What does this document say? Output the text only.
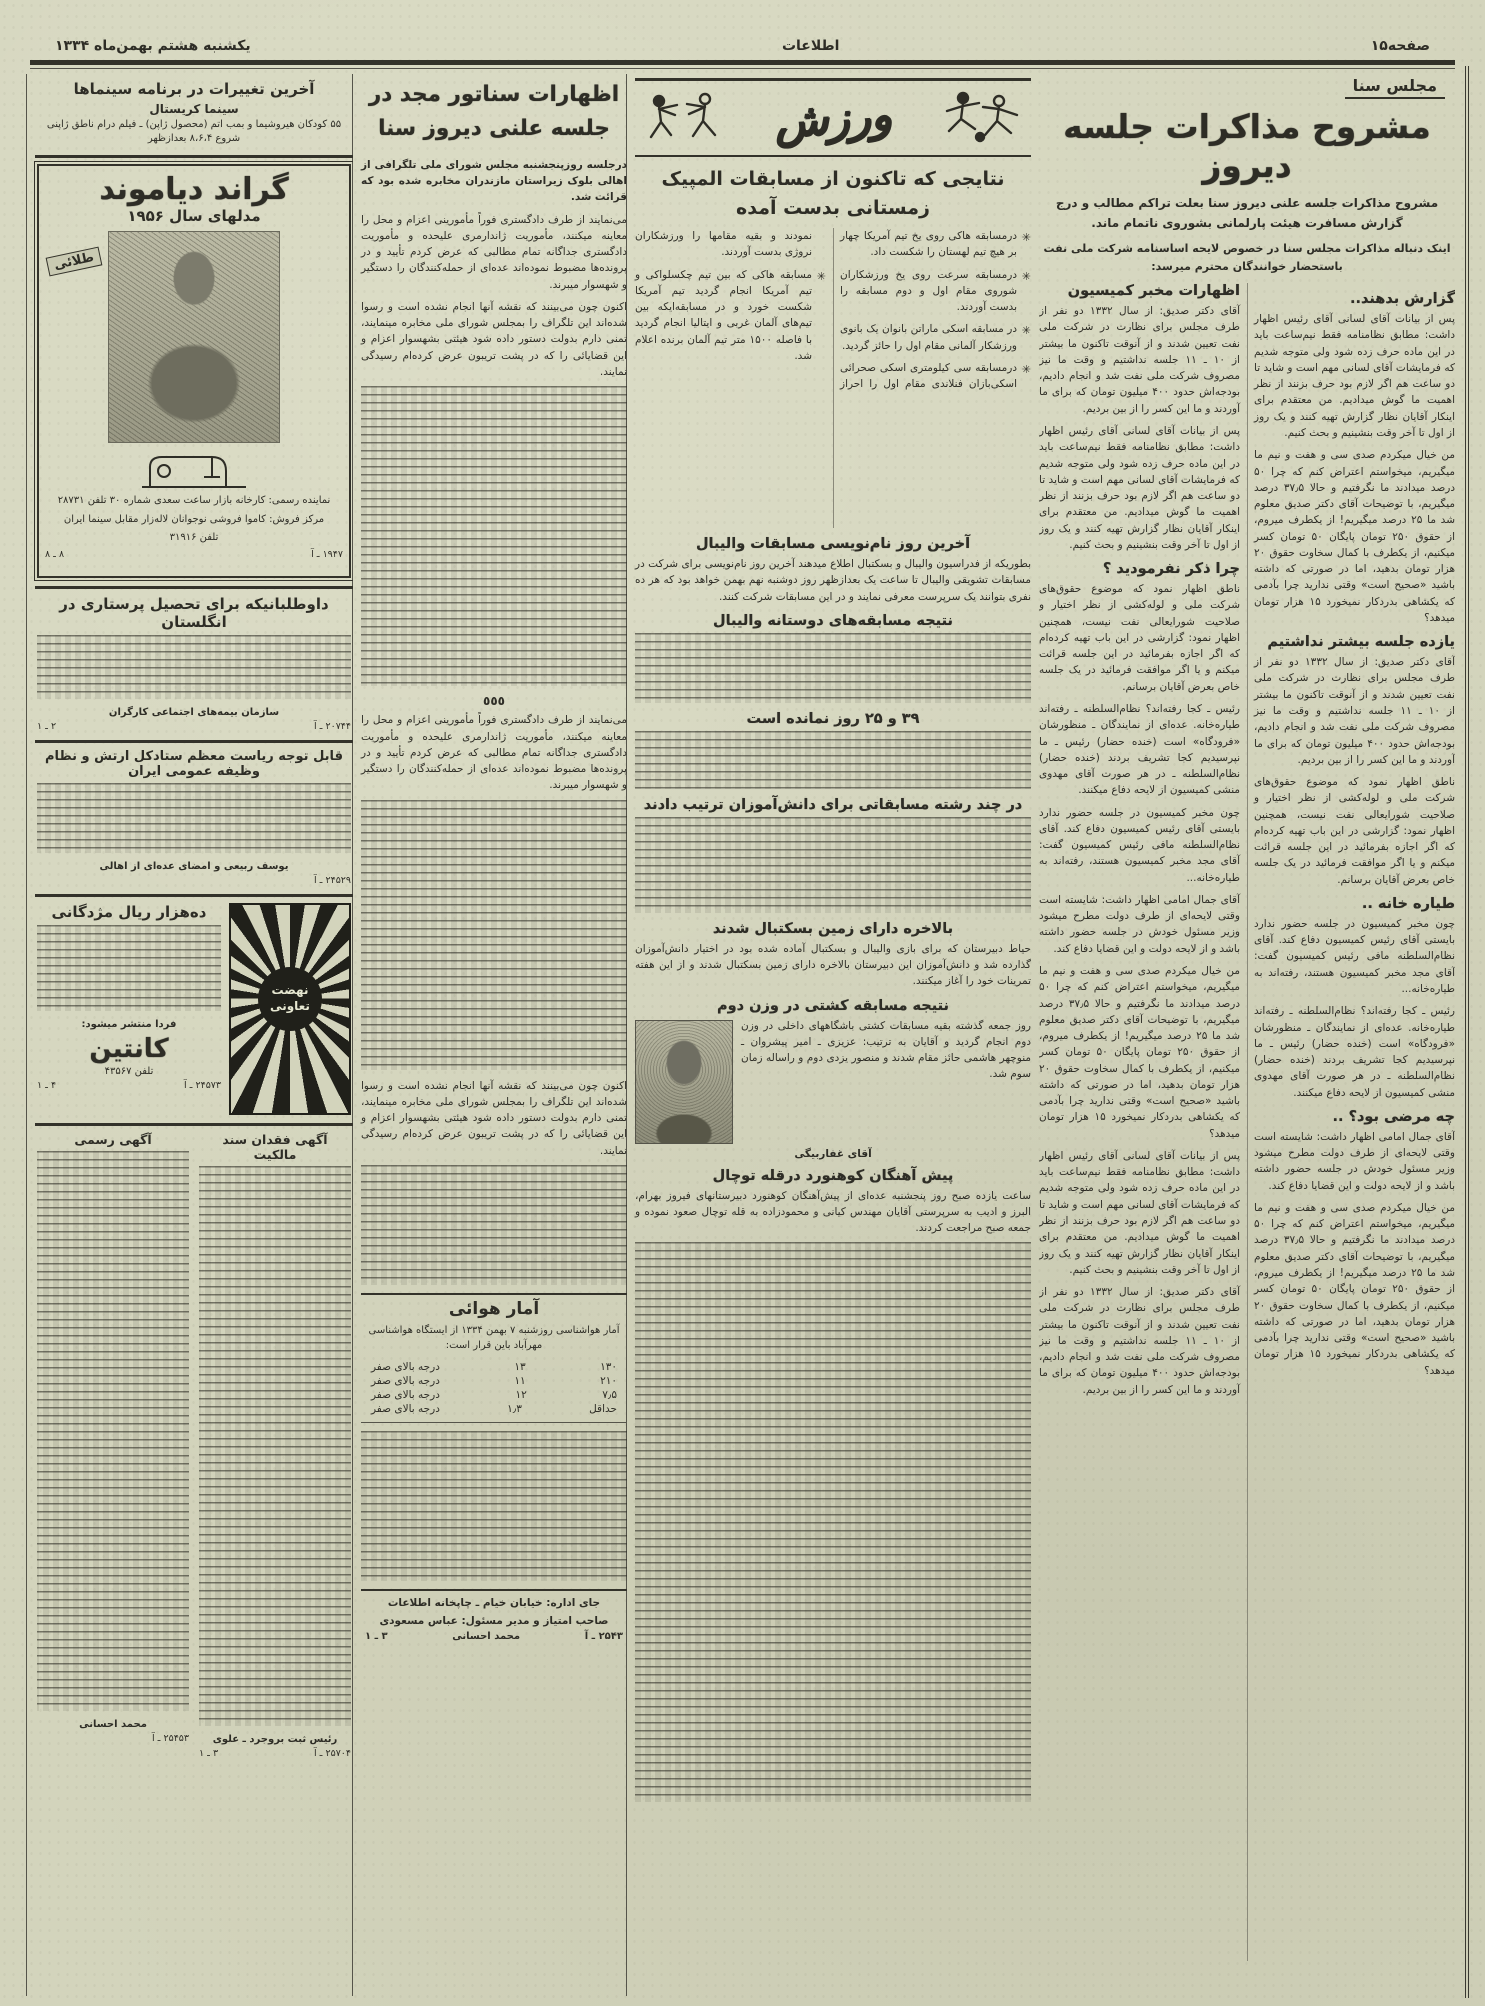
صفحه۱۵
اطلاعات
یکشنبه هشتم بهمن‌ماه ۱۳۳۴
مجلس سنا
مشروح مذاکرات جلسه دیروز

مشروح مذاکرات جلسه علنی دیروز سنا بعلت تراکم مطالب و درج گزارش مسافرت هیئت پارلمانی بشوروی ناتمام ماند.

اینک دنباله مذاکرات مجلس سنا در خصوص لایحه اساسنامه شرکت ملی نفت باستحضار خوانندگان محترم میرسد:

گزارش بدهند..

پس از بیانات آقای لسانی آقای رئیس اظهار داشت: مطابق نظامنامه فقط نیم‌ساعت باید در این ماده حرف زده شود ولی متوجه شدیم که فرمایشات آقای لسانی مهم است و شاید تا دو ساعت هم اگر لازم بود حرف بزنند از نظر اهمیت ما گوش میدادیم. من معتقدم برای اینکار آقایان نظار گزارش تهیه کنند و یک روز از اول تا آخر وقت بنشینیم و بحث کنیم.

من خیال میکردم صدی سی و هفت و نیم ما میگیریم، میخواستم اعتراض کنم که چرا ۵۰ درصد میدادند ما نگرفتیم و حالا ۳۷٫۵ درصد میگیریم، با توضیحات آقای دکتر صدیق معلوم شد ما ۲۵ درصد میگیریم! از یکطرف میروم، از حقوق ۲۵۰ تومان پایگان ۵۰ تومان کسر میکنیم، از یکطرف با کمال سخاوت حقوق ۲۰ هزار تومان بدهید، اما در صورتی که داشته باشید «صحیح است» وقتی ندارید چرا بآدمی که یکشاهی بدردکار نمیخورد ۱۵ هزار تومان میدهد؟

یازده جلسه بیشتر نداشتیم

آقای دکتر صدیق: از سال ۱۳۳۲ دو نفر از طرف مجلس برای نظارت در شرکت ملی نفت تعیین شدند و از آنوقت تاکنون ما بیشتر از ۱۰ ـ ۱۱ جلسه نداشتیم و وقت ما نیز مصروف شرکت ملی نفت شد و انجام دادیم، بودجه‌اش حدود ۴۰۰ میلیون تومان که برای ما آوردند و ما این کسر را از بین بردیم.

ناطق اظهار نمود که موضوع حقوق‌های شرکت ملی و لوله‌کشی از نظر اختیار و صلاحیت شورایعالی نفت نیست، همچنین اظهار نمود: گزارشی در این باب تهیه کرده‌ام که اگر اجازه بفرمائید در این جلسه قرائت میکنم و یا اگر موافقت فرمائید در یک جلسه خاص بعرض آقایان برسانم.

طیاره خانه ..

چون مخبر کمیسیون در جلسه حضور ندارد بایستی آقای رئیس کمیسیون دفاع کند. آقای نظام‌السلطنه مافی رئیس کمیسیون گفت: آقای مجد مخبر کمیسیون هستند، رفته‌اند به طیاره‌خانه...

رئیس ـ کجا رفته‌اند؟ نظام‌السلطنه ـ رفته‌اند طیاره‌خانه. عده‌ای از نمایندگان ـ منظورشان «فرودگاه» است (خنده حضار) رئیس ـ ما نپرسیدیم کجا تشریف بردند (خنده حضار) نظام‌السلطنه ـ در هر صورت آقای مهدوی منشی کمیسیون از لایحه دفاع میکنند.

چه مرضی بود؟ ..

آقای جمال امامی اظهار داشت: شایسته است وقتی لایحه‌ای از طرف دولت مطرح میشود وزیر مسئول خودش در جلسه حضور داشته باشد و از لایحه دولت و این قضایا دفاع کند.

من خیال میکردم صدی سی و هفت و نیم ما میگیریم، میخواستم اعتراض کنم که چرا ۵۰ درصد میدادند ما نگرفتیم و حالا ۳۷٫۵ درصد میگیریم، با توضیحات آقای دکتر صدیق معلوم شد ما ۲۵ درصد میگیریم! از یکطرف میروم، از حقوق ۲۵۰ تومان پایگان ۵۰ تومان کسر میکنیم، از یکطرف با کمال سخاوت حقوق ۲۰ هزار تومان بدهید، اما در صورتی که داشته باشید «صحیح است» وقتی ندارید چرا بآدمی که یکشاهی بدردکار نمیخورد ۱۵ هزار تومان میدهد؟

اظهارات مخبر کمیسیون

آقای دکتر صدیق: از سال ۱۳۳۲ دو نفر از طرف مجلس برای نظارت در شرکت ملی نفت تعیین شدند و از آنوقت تاکنون ما بیشتر از ۱۰ ـ ۱۱ جلسه نداشتیم و وقت ما نیز مصروف شرکت ملی نفت شد و انجام دادیم، بودجه‌اش حدود ۴۰۰ میلیون تومان که برای ما آوردند و ما این کسر را از بین بردیم.

پس از بیانات آقای لسانی آقای رئیس اظهار داشت: مطابق نظامنامه فقط نیم‌ساعت باید در این ماده حرف زده شود ولی متوجه شدیم که فرمایشات آقای لسانی مهم است و شاید تا دو ساعت هم اگر لازم بود حرف بزنند از نظر اهمیت ما گوش میدادیم. من معتقدم برای اینکار آقایان نظار گزارش تهیه کنند و یک روز از اول تا آخر وقت بنشینیم و بحث کنیم.

چرا ذکر نفرمودید ؟

ناطق اظهار نمود که موضوع حقوق‌های شرکت ملی و لوله‌کشی از نظر اختیار و صلاحیت شورایعالی نفت نیست، همچنین اظهار نمود: گزارشی در این باب تهیه کرده‌ام که اگر اجازه بفرمائید در این جلسه قرائت میکنم و یا اگر موافقت فرمائید در یک جلسه خاص بعرض آقایان برسانم.

رئیس ـ کجا رفته‌اند؟ نظام‌السلطنه ـ رفته‌اند طیاره‌خانه. عده‌ای از نمایندگان ـ منظورشان «فرودگاه» است (خنده حضار) رئیس ـ ما نپرسیدیم کجا تشریف بردند (خنده حضار) نظام‌السلطنه ـ در هر صورت آقای مهدوی منشی کمیسیون از لایحه دفاع میکنند.

چون مخبر کمیسیون در جلسه حضور ندارد بایستی آقای رئیس کمیسیون دفاع کند. آقای نظام‌السلطنه مافی رئیس کمیسیون گفت: آقای مجد مخبر کمیسیون هستند، رفته‌اند به طیاره‌خانه...

آقای جمال امامی اظهار داشت: شایسته است وقتی لایحه‌ای از طرف دولت مطرح میشود وزیر مسئول خودش در جلسه حضور داشته باشد و از لایحه دولت و این قضایا دفاع کند.

من خیال میکردم صدی سی و هفت و نیم ما میگیریم، میخواستم اعتراض کنم که چرا ۵۰ درصد میدادند ما نگرفتیم و حالا ۳۷٫۵ درصد میگیریم، با توضیحات آقای دکتر صدیق معلوم شد ما ۲۵ درصد میگیریم! از یکطرف میروم، از حقوق ۲۵۰ تومان پایگان ۵۰ تومان کسر میکنیم، از یکطرف با کمال سخاوت حقوق ۲۰ هزار تومان بدهید، اما در صورتی که داشته باشید «صحیح است» وقتی ندارید چرا بآدمی که یکشاهی بدردکار نمیخورد ۱۵ هزار تومان میدهد؟

پس از بیانات آقای لسانی آقای رئیس اظهار داشت: مطابق نظامنامه فقط نیم‌ساعت باید در این ماده حرف زده شود ولی متوجه شدیم که فرمایشات آقای لسانی مهم است و شاید تا دو ساعت هم اگر لازم بود حرف بزنند از نظر اهمیت ما گوش میدادیم. من معتقدم برای اینکار آقایان نظار گزارش تهیه کنند و یک روز از اول تا آخر وقت بنشینیم و بحث کنیم.

آقای دکتر صدیق: از سال ۱۳۳۲ دو نفر از طرف مجلس برای نظارت در شرکت ملی نفت تعیین شدند و از آنوقت تاکنون ما بیشتر از ۱۰ ـ ۱۱ جلسه نداشتیم و وقت ما نیز مصروف شرکت ملی نفت شد و انجام دادیم، بودجه‌اش حدود ۴۰۰ میلیون تومان که برای ما آوردند و ما این کسر را از بین بردیم.

ورزش
نتایجی که تاکنون از مسابقات المپیک زمستانی بدست آمده

✳ درمسابقه هاکی روی یخ تیم آمریکا چهار بر هیچ تیم لهستان را شکست داد.

✳ درمسابقه سرعت روی یخ ورزشکاران شوروی مقام اول و دوم مسابقه را بدست آوردند.

✳ در مسابقه اسکی ماراتن بانوان یک بانوی ورزشکار آلمانی مقام اول را حائز گردید.

✳ درمسابقه سی کیلومتری اسکی صحرائی اسکی‌بازان فنلاندی مقام اول را احراز نمودند و بقیه مقامها را ورزشکاران نروژی بدست آوردند.

✳ مسابقه هاکی که بین تیم چکسلواکی و تیم آمریکا انجام گردید تیم آمریکا شکست خورد و در مسابقه‌ایکه بین تیم‌های آلمان غربی و ایتالیا انجام گردید با فاصله ۱۵۰۰ متر تیم آلمان برنده اعلام شد.

آخرین روز نام‌نویسی مسابقات والیبال

بطوریکه از فدراسیون والیبال و بسکتبال اطلاع میدهند آخرین روز نام‌نویسی برای شرکت در مسابقات تشویقی والیبال تا ساعت یک بعدازظهر روز دوشنبه نهم بهمن خواهد بود که هر ده نفری بتوانند یک سرپرست معرفی نمایند و در این مسابقات شرکت کنند.

نتیجه مسابقه‌های دوستانه والیبال
۳۹ و ۲۵ روز نمانده است
در چند رشته مسابقاتی برای دانش‌آموزان ترتیب دادند
بالاخره دارای زمین بسکتبال شدند

حیاط دبیرستان که برای بازی والیبال و بسکتبال آماده شده بود در اختیار دانش‌آموزان گذارده شد و دانش‌آموزان این دبیرستان بالاخره دارای زمین بسکتبال شدند و از این هفته تمرینات خود را آغاز میکنند.

نتیجه مسابقه کشتی در وزن دوم

روز جمعه گذشته بقیه مسابقات کشتی باشگاههای داخلی در وزن دوم انجام گردید و آقایان به ترتیب: عزیزی ـ امیر پیشروان ـ منوچهر هاشمی حائز مقام شدند و منصور یزدی دوم و راساله زمان سوم شد.

آقای غفاربیگی
پیش آهنگان کوهنورد درقله توچال

ساعت یازده صبح روز پنجشنبه عده‌ای از پیش‌آهنگان کوهنورد دبیرستانهای فیروز بهرام، البرز و ادیب به سرپرستی آقایان مهندس کیانی و محمودزاده به قله توچال صعود نموده و جمعه صبح مراجعت کردند.

اظهارات سناتور مجد در جلسه علنی دیروز سنا

درجلسه روزپنجشنبه مجلس شورای ملی تلگرافی از اهالی بلوک زیراستان مازندران مخابره شده بود که قرائت شد.

می‌نمایند از طرف دادگستری فوراً مأمورینی اعزام و محل را معاینه میکنند، مأموریت ژاندارمری علیحده و مأموریت دادگستری جداگانه تمام مطالبی که عرض کردم تأیید و در پرونده‌ها مضبوط نموده‌اند عده‌ای از حمله‌کنندگان را دستگیر و شهسوار میبرند.

اکنون چون می‌بینند که نقشه آنها انجام نشده است و رسوا شده‌اند این تلگراف را بمجلس شورای ملی مخابره مینمایند، تمنی دارم بدولت دستور داده شود هیئتی بشهسوار اعزام و این قضایائی را که در پشت تریبون عرض کرده‌ام رسیدگی نمایند.

٥٥٥

می‌نمایند از طرف دادگستری فوراً مأمورینی اعزام و محل را معاینه میکنند، مأموریت ژاندارمری علیحده و مأموریت دادگستری جداگانه تمام مطالبی که عرض کردم تأیید و در پرونده‌ها مضبوط نموده‌اند عده‌ای از حمله‌کنندگان را دستگیر و شهسوار میبرند.

اکنون چون می‌بینند که نقشه آنها انجام نشده است و رسوا شده‌اند این تلگراف را بمجلس شورای ملی مخابره مینمایند، تمنی دارم بدولت دستور داده شود هیئتی بشهسوار اعزام و این قضایائی را که در پشت تریبون عرض کرده‌ام رسیدگی نمایند.

آمار هوائی

آمار هواشناسی روزشنبه ۷ بهمن ۱۳۳۴ از ایستگاه هواشناسی مهرآباد باین قرار است:

۱۳۰
۱۳
درجه بالای صفر
۲۱۰
۱۱
درجه بالای صفر
۷٫۵
۱۲
درجه بالای صفر
حداقل
۱٫۳
درجه بالای صفر

جای اداره: خیابان خیام ـ چاپخانه اطلاعات

صاحب امتیاز و مدیر مسئول: عباس مسعودی

۲۵۴۳ ـ آ
محمد احسانی
۳ ـ ۱
آخرین تغییرات در برنامه سینماها
سینما کریستال
۵۵ کودکان هیروشیما و بمب اتم (محصول ژاپن) ـ فیلم درام ناطق ژاپنی
شروع ۸،۶،۴ بعدازظهر
گراند دیاموند
مدلهای سال ۱۹۵۶
طلائی

نماینده رسمی: کارخانه بازار ساعت سعدی شماره ۳۰ تلفن ۲۸۷۳۱

مرکز فروش: کاموا فروشی نوجوانان لاله‌زار مقابل سینما ایران

تلفن ۳۱۹۱۶

۱۹۴۷ ـ آ
۸ ـ ۸
داوطلبانیکه برای تحصیل پرستاری در انگلستان
سازمان بیمه‌های اجتماعی کارگران
۲۰۷۴۴ ـ آ
۲ ـ ۱
قابل توجه ریاست معظم ستادکل ارتش و نظام وظیفه عمومی ایران
یوسف ربیعی و امضای عده‌ای از اهالی
۲۴۵۲۹ ـ آ
نهضت تعاونی
ده‌هزار ریال مژدگانی
فردا منتشر میشود:
کانتین
تلفن ۴۳۵۶۷
۲۴۵۷۳ ـ آ
۴ ـ ۱
آگهی فقدان سند مالکیت
رئیس ثبت بروجرد ـ علوی
۲۵۷۰۴ ـ آ
۳ ـ ۱
آگهی رسمی
محمد احسانی
۲۵۴۵۳ ـ آ
